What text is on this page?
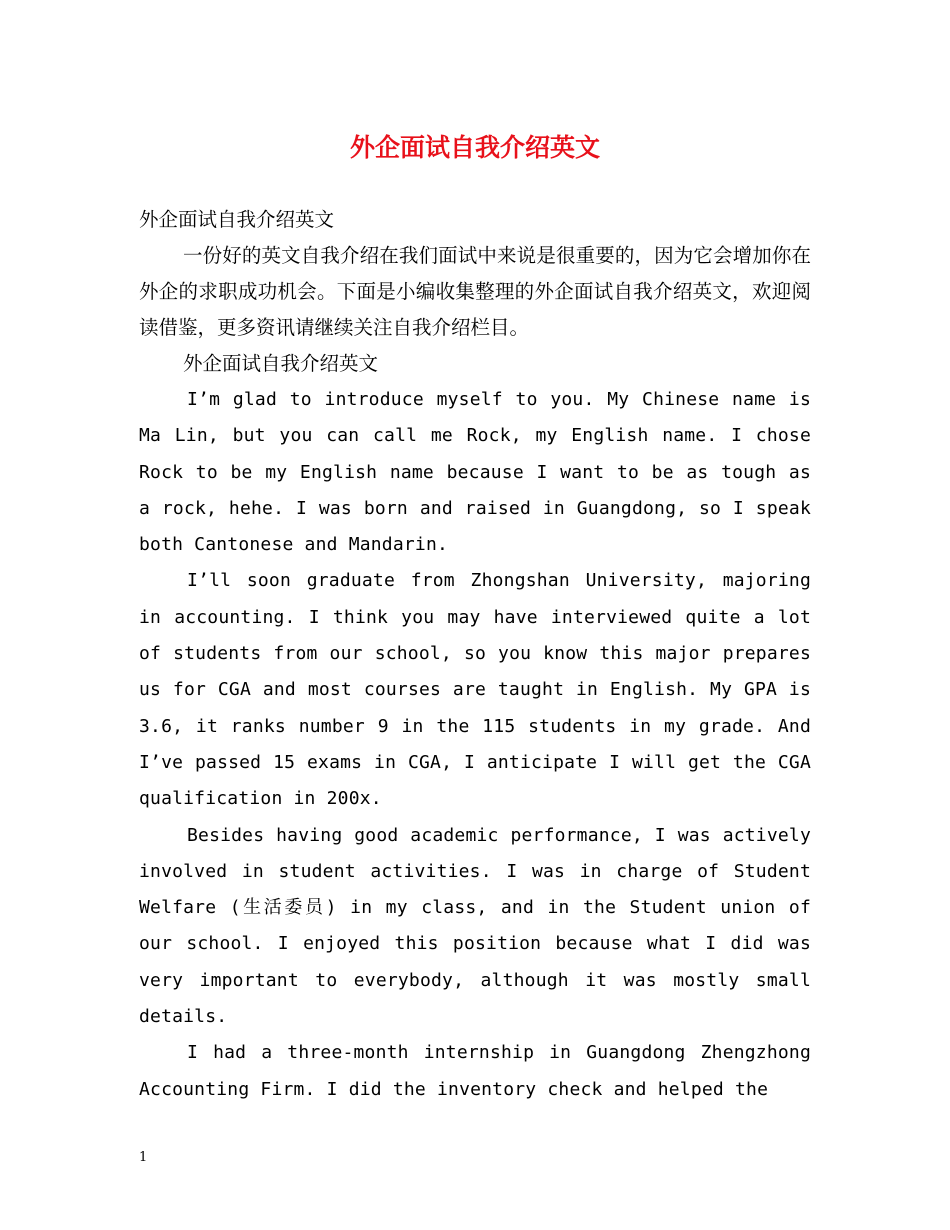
外企面试自我介绍英文

外企面试自我介绍英文

一份好的英文自我介绍在我们面试中来说是很重要的，因为它会增加你在外企的求职成功机会。下面是小编收集整理的外企面试自我介绍英文，欢迎阅读借鉴，更多资讯请继续关注自我介绍栏目。

外企面试自我介绍英文

I’m glad to introduce myself to you. My Chinese name is Ma Lin, but you can call me Rock, my English name. I chose Rock to be my English name because I want to be as tough as a rock, hehe. I was born and raised in Guangdong, so I speak both Cantonese and Mandarin.

I’ll soon graduate from Zhongshan University, majoring in accounting. I think you may have interviewed quite a lot of students from our school, so you know this major prepares us for CGA and most courses are taught in English. My GPA is 3.6, it ranks number 9 in the 115 students in my grade. And I’ve passed 15 exams in CGA, I anticipate I will get the CGA qualification in 200x.

Besides having good academic performance, I was actively involved in student activities. I was in charge of Student Welfare (生活委员) in my class, and in the Student union of our school. I enjoyed this position because what I did was very important to everybody, although it was mostly small details.

I had a three-month internship in Guangdong Zhengzhong Accounting Firm. I did the inventory check and helped the

1
